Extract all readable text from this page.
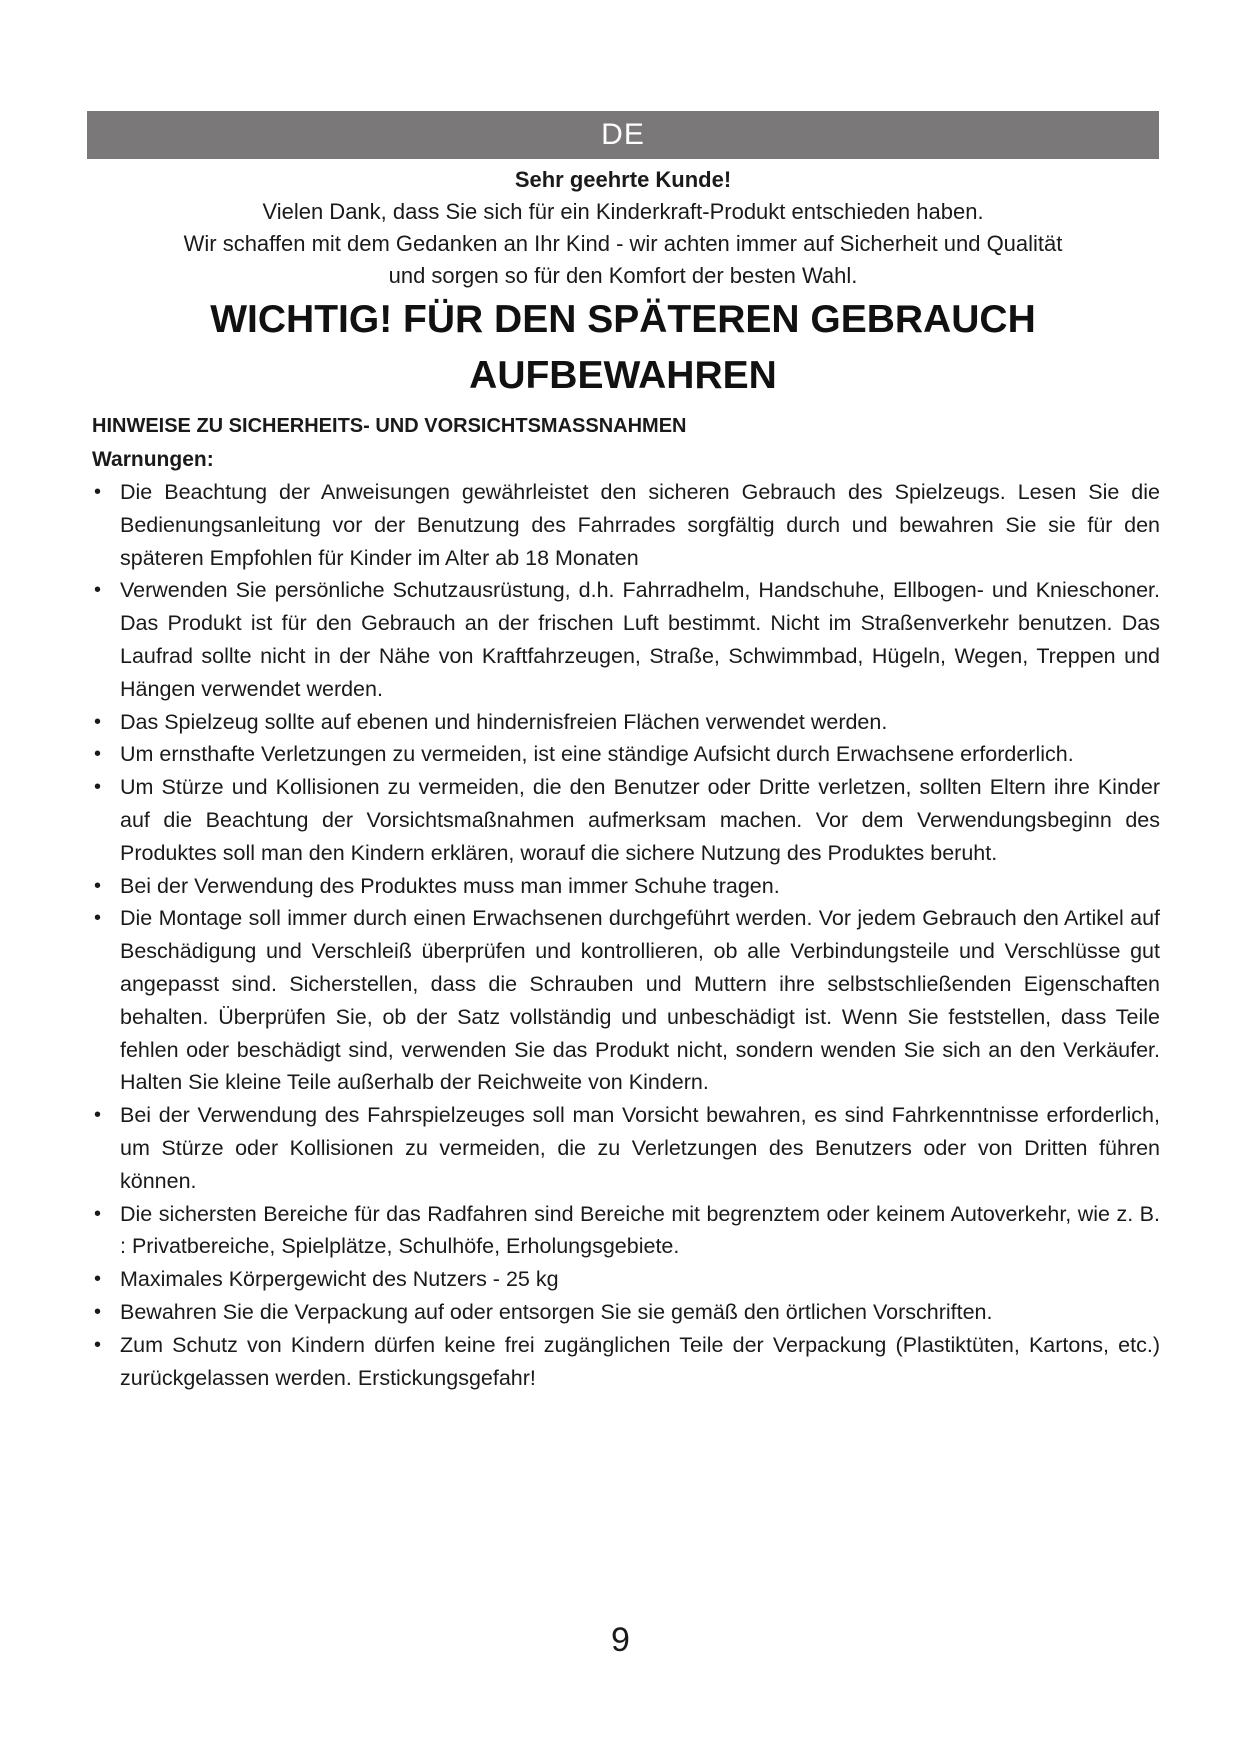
DE
Sehr geehrte Kunde!
Vielen Dank, dass Sie sich für ein Kinderkraft-Produkt entschieden haben.
Wir schaffen mit dem Gedanken an Ihr Kind - wir achten immer auf Sicherheit und Qualität
und sorgen so für den Komfort der besten Wahl.
WICHTIG! FÜR DEN SPÄTEREN GEBRAUCH
AUFBEWAHREN
HINWEISE ZU SICHERHEITS- UND VORSICHTSMASSNAHMEN
Warnungen:
• Die Beachtung der Anweisungen gewährleistet den sicheren Gebrauch des Spielzeugs. Lesen Sie die Bedienungsanleitung vor der Benutzung des Fahrrades sorgfältig durch und bewahren Sie sie für den späteren Empfohlen für Kinder im Alter ab 18 Monaten
• Verwenden Sie persönliche Schutzausrüstung, d.h. Fahrradhelm, Handschuhe, Ellbogen- und Knieschoner. Das Produkt ist für den Gebrauch an der frischen Luft bestimmt. Nicht im Straßenverkehr benutzen. Das Laufrad sollte nicht in der Nähe von Kraftfahrzeugen, Straße, Schwimmbad, Hügeln, Wegen, Treppen und Hängen verwendet werden.
• Das Spielzeug sollte auf ebenen und hindernisfreien Flächen verwendet werden.
• Um ernsthafte Verletzungen zu vermeiden, ist eine ständige Aufsicht durch Erwachsene erforderlich.
• Um Stürze und Kollisionen zu vermeiden, die den Benutzer oder Dritte verletzen, sollten Eltern ihre Kinder auf die Beachtung der Vorsichtsmaßnahmen aufmerksam machen. Vor dem Verwendungsbeginn des Produktes soll man den Kindern erklären, worauf die sichere Nutzung des Produktes beruht.
• Bei der Verwendung des Produktes muss man immer Schuhe tragen.
• Die Montage soll immer durch einen Erwachsenen durchgeführt werden. Vor jedem Gebrauch den Artikel auf Beschädigung und Verschleiß überprüfen und kontrollieren, ob alle Verbindungsteile und Verschlüsse gut angepasst sind. Sicherstellen, dass die Schrauben und Muttern ihre selbstschließenden Eigenschaften behalten. Überprüfen Sie, ob der Satz vollständig und unbeschädigt ist. Wenn Sie feststellen, dass Teile fehlen oder beschädigt sind, verwenden Sie das Produkt nicht, sondern wenden Sie sich an den Verkäufer. Halten Sie kleine Teile außerhalb der Reichweite von Kindern.
• Bei der Verwendung des Fahrspielzeuges soll man Vorsicht bewahren, es sind Fahrkenntnisse erforderlich, um Stürze oder Kollisionen zu vermeiden, die zu Verletzungen des Benutzers oder von Dritten führen können.
• Die sichersten Bereiche für das Radfahren sind Bereiche mit begrenztem oder keinem Autoverkehr, wie z. B. : Privatbereiche, Spielplätze, Schulhöfe, Erholungsgebiete.
• Maximales Körpergewicht des Nutzers - 25 kg
• Bewahren Sie die Verpackung auf oder entsorgen Sie sie gemäß den örtlichen Vorschriften.
• Zum Schutz von Kindern dürfen keine frei zugänglichen Teile der Verpackung (Plastiktüten, Kartons, etc.) zurückgelassen werden. Erstickungsgefahr!
9
